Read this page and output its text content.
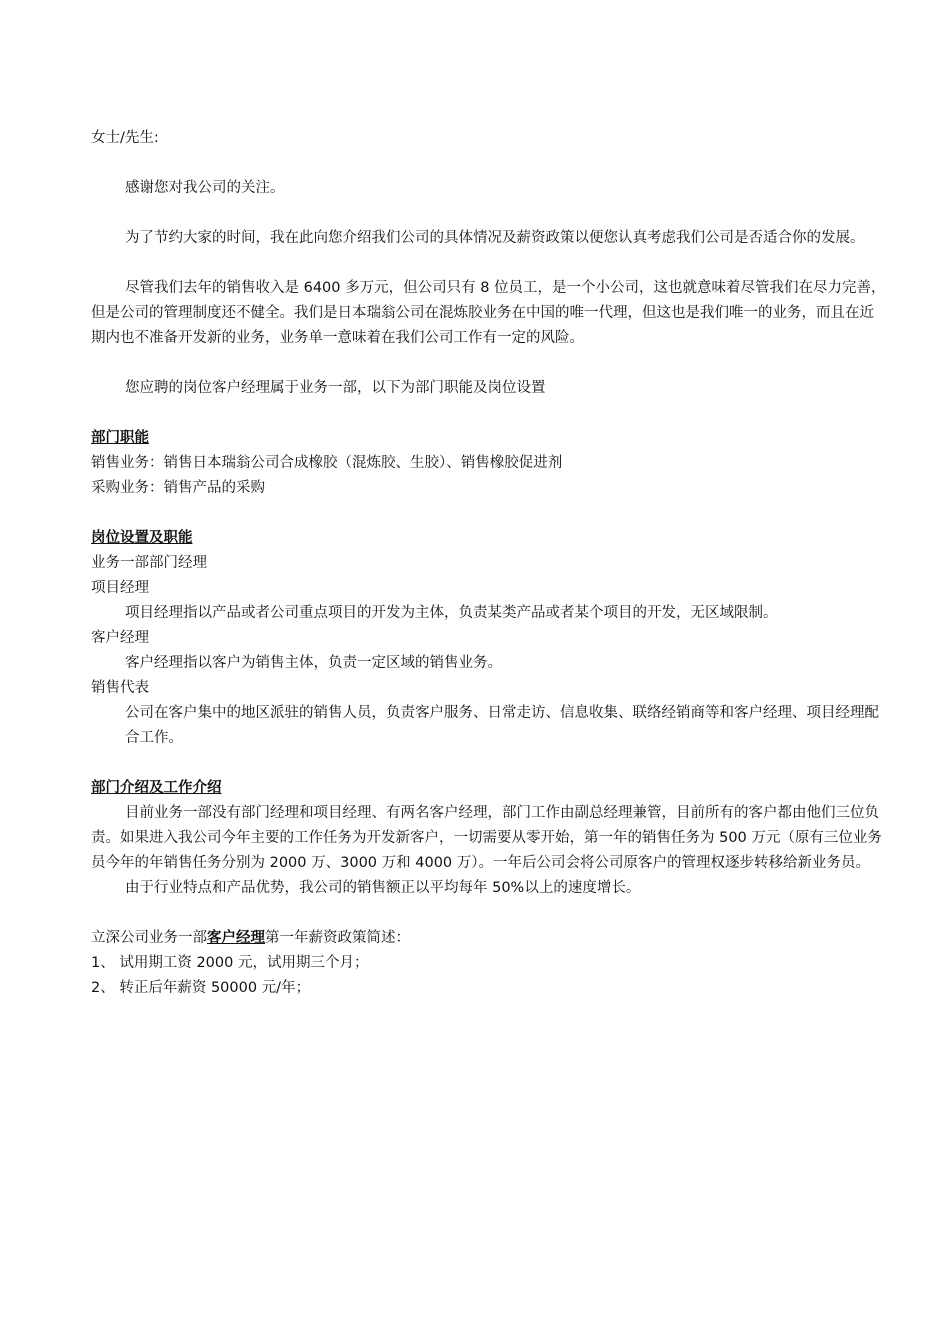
女士/先生:

感谢您对我公司的关注。

为了节约大家的时间，我在此向您介绍我们公司的具体情况及薪资政策以便您认真考虑我们公司是否适合你的发展。

尽管我们去年的销售收入是 6400 多万元，但公司只有 8 位员工，是一个小公司，这也就意味着尽管我们在尽力完善，但是公司的管理制度还不健全。我们是日本瑞翁公司在混炼胶业务在中国的唯一代理，但这也是我们唯一的业务，而且在近期内也不准备开发新的业务，业务单一意味着在我们公司工作有一定的风险。

您应聘的岗位客户经理属于业务一部，以下为部门职能及岗位设置

部门职能

销售业务：销售日本瑞翁公司合成橡胶（混炼胶、生胶）、销售橡胶促进剂

采购业务：销售产品的采购

岗位设置及职能

业务一部部门经理

项目经理

项目经理指以产品或者公司重点项目的开发为主体，负责某类产品或者某个项目的开发，无区域限制。

客户经理

客户经理指以客户为销售主体，负责一定区域的销售业务。

销售代表

公司在客户集中的地区派驻的销售人员，负责客户服务、日常走访、信息收集、联络经销商等和客户经理、项目经理配合工作。

部门介绍及工作介绍

目前业务一部没有部门经理和项目经理、有两名客户经理，部门工作由副总经理兼管，目前所有的客户都由他们三位负责。如果进入我公司今年主要的工作任务为开发新客户，一切需要从零开始，第一年的销售任务为 500 万元（原有三位业务员今年的年销售任务分别为 2000 万、3000 万和 4000 万）。一年后公司会将公司原客户的管理权逐步转移给新业务员。

由于行业特点和产品优势，我公司的销售额正以平均每年 50%以上的速度增长。

立深公司业务一部客户经理第一年薪资政策简述：

1、 试用期工资 2000 元，试用期三个月；

2、 转正后年薪资 50000 元/年；
